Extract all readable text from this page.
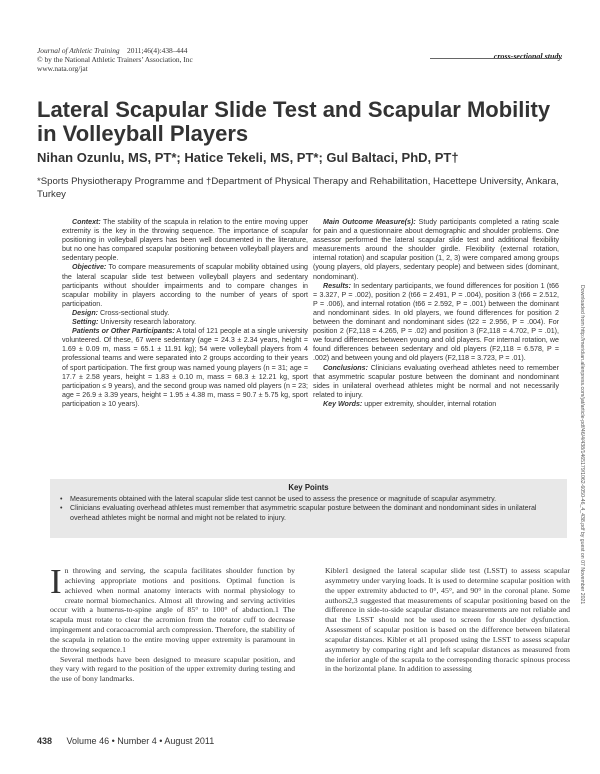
Journal of Athletic Training 2011;46(4):438–444
© by the National Athletic Trainers’ Association, Inc
www.nata.org/jat
cross-sectional study
Lateral Scapular Slide Test and Scapular Mobility in Volleyball Players
Nihan Ozunlu, MS, PT*; Hatice Tekeli, MS, PT*; Gul Baltaci, PhD, PT†
*Sports Physiotherapy Programme and †Department of Physical Therapy and Rehabilitation, Hacettepe University, Ankara, Turkey
Downloaded from http://meridian.allenpress.com/jat/article-pdf/46/4/438/1465179/1062-6050-46_4_438.pdf by guest on 07 November 2021

Context: The stability of the scapula in relation to the entire moving upper extremity is the key in the throwing sequence. The importance of scapular positioning in volleyball players has been well documented in the literature, but no one has compared scapular positioning between volleyball players and sedentary people.

Objective: To compare measurements of scapular mobility obtained using the lateral scapular slide test between volleyball players and sedentary participants without shoulder impairments and to compare changes in scapular mobility in players according to the number of years of sport participation.

Design: Cross-sectional study.

Setting: University research laboratory.

Patients or Other Participants: A total of 121 people at a single university volunteered. Of these, 67 were sedentary (age = 24.3 ± 2.34 years, height = 1.69 ± 0.09 m, mass = 65.1 ± 11.91 kg); 54 were volleyball players from 4 professional teams and were separated into 2 groups according to their years of sport participation. The first group was named young players (n = 31; age = 17.7 ± 2.58 years, height = 1.83 ± 0.10 m, mass = 68.3 ± 12.21 kg, sport participation ≤ 9 years), and the second group was named old players (n = 23; age = 26.9 ± 3.39 years, height = 1.95 ± 4.38 m, mass = 90.7 ± 5.75 kg, sport participation ≥ 10 years).

Main Outcome Measure(s): Study participants completed a rating scale for pain and a questionnaire about demographic and shoulder problems. One assessor performed the lateral scapular slide test and additional flexibility measurements around the shoulder girdle. Flexibility (external rotation, internal rotation) and scapular position (1, 2, 3) were compared among groups (young players, old players, sedentary people) and between sides (dominant, nondominant).

Results: In sedentary participants, we found differences for position 1 (t66 = 3.327, P = .002), position 2 (t66 = 2.491, P = .004), position 3 (t66 = 2.512, P = .006), and internal rotation (t66 = 2.592, P = .001) between the dominant and nondominant sides. In old players, we found differences for position 2 between the dominant and nondominant sides (t22 = 2.956, P = .004). For position 2 (F2,118 = 4.265, P = .02) and position 3 (F2,118 = 4.702, P = .01), we found differences between young and old players. For internal rotation, we found differences between sedentary and old players (F2,118 = 6.578, P = .002) and between young and old players (F2,118 = 3.723, P = .01).

Conclusions: Clinicians evaluating overhead athletes need to remember that asymmetric scapular posture between the dominant and nondominant sides in unilateral overhead athletes might be normal and not necessarily related to injury.

Key Words: upper extremity, shoulder, internal rotation

Key Points
• Measurements obtained with the lateral scapular slide test cannot be used to assess the presence or magnitude of scapular asymmetry.
• Clinicians evaluating overhead athletes must remember that asymmetric scapular posture between the dominant and nondominant sides in unilateral overhead athletes might be normal and might not be related to injury.

In throwing and serving, the scapula facilitates shoulder function by achieving appropriate motions and positions. Optimal function is achieved when normal anatomy interacts with normal physiology to create normal biomechanics. Almost all throwing and serving activities occur with a humerus-to-spine angle of 85° to 100° of abduction.1 The scapula must rotate to clear the acromion from the rotator cuff to decrease impingement and coracoacromial arch compression. Therefore, the stability of the scapula in relation to the entire moving upper extremity is paramount in the throwing sequence.1

Several methods have been designed to measure scapular position, and they vary with regard to the position of the upper extremity during testing and the use of bony landmarks.

Kibler1 designed the lateral scapular slide test (LSST) to assess scapular asymmetry under varying loads. It is used to determine scapular position with the upper extremity abducted to 0°, 45°, and 90° in the coronal plane. Some authors2,3 suggested that measurements of scapular positioning based on the difference in side-to-side scapular distance measurements are not reliable and that the LSST should not be used to screen for shoulder dysfunction. Assessment of scapular position is based on the difference between bilateral scapular distances. Kibler et al1 proposed using the LSST to assess scapular asymmetry by comparing right and left scapular distances as measured from the inferior angle of the scapula to the corresponding thoracic spinous process in the horizontal plane. In addition to assessing

438 Volume 46 • Number 4 • August 2011
